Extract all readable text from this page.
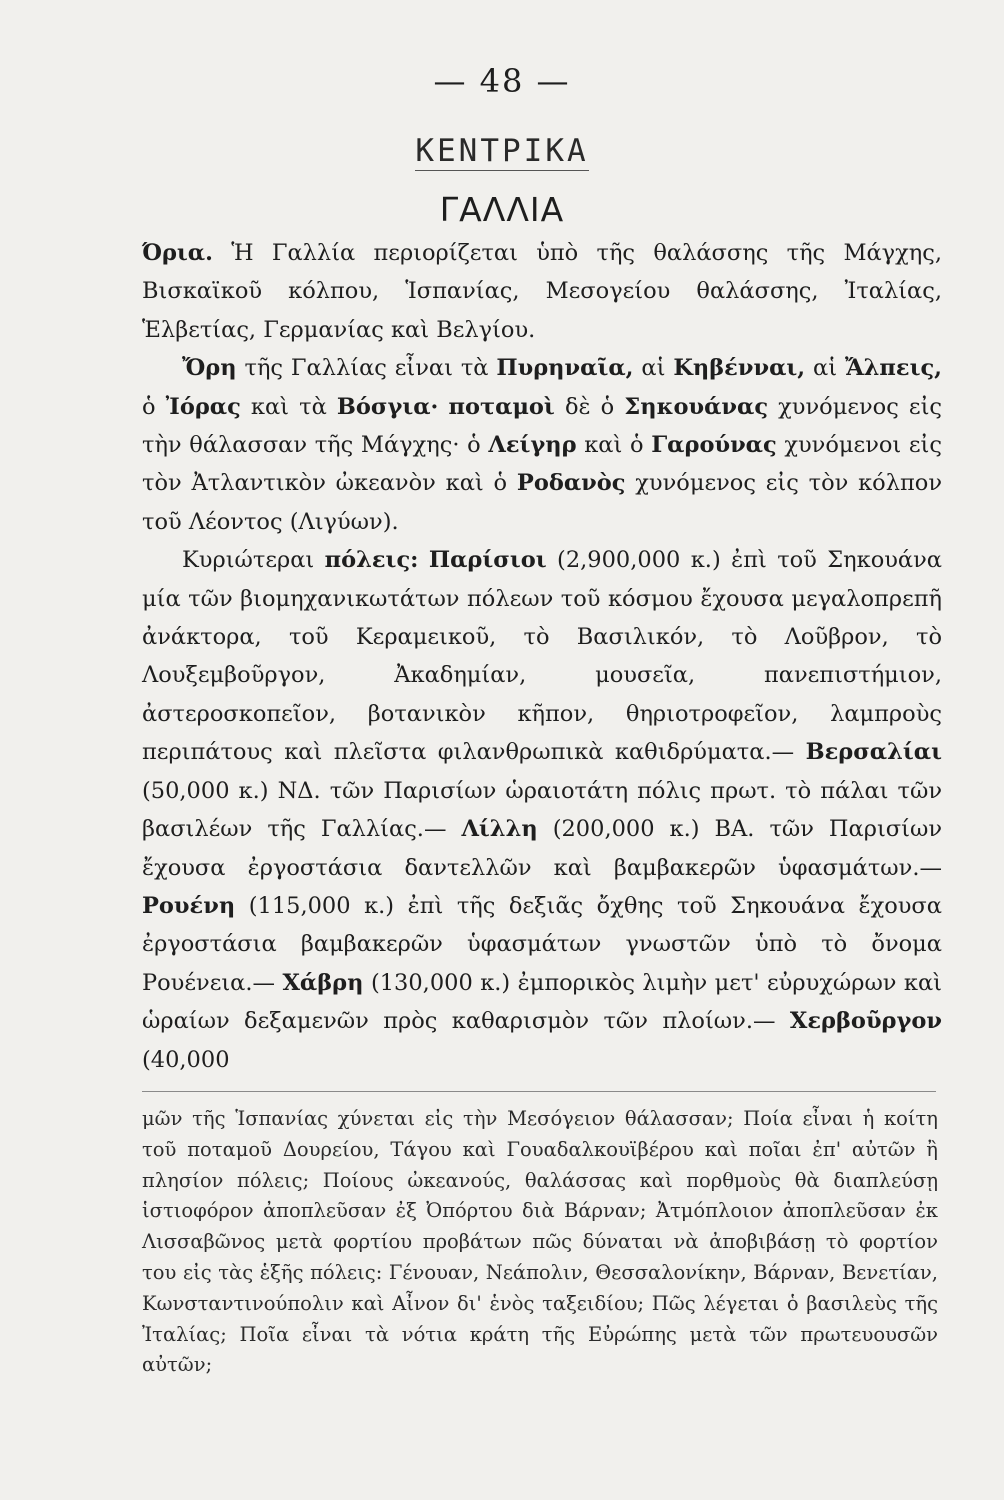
— 48 —
ΚΕΝΤΡΙΚΑ
ΓΑΛΛΙΑ

Όρια. Ἡ Γαλλία περιορίζεται ὑπὸ τῆς θαλάσσης τῆς Μάγχης, Βισκαϊκοῦ κόλπου, Ἱσπανίας, Μεσογείου θαλάσσης, Ἰταλίας, Ἑλβετίας, Γερμανίας καὶ Βελγίου.

Ὄρη τῆς Γαλλίας εἶναι τὰ Πυρηναῖα, αἱ Κηβένναι, αἱ Ἄλπεις, ὁ Ἰόρας καὶ τὰ Βόσγια· ποταμοὶ δὲ ὁ Σηκουάνας χυνόμενος εἰς τὴν θάλασσαν τῆς Μάγχης· ὁ Λείγηρ καὶ ὁ Γαρούνας χυνόμενοι εἰς τὸν Ἀτλαντικὸν ὠκεανὸν καὶ ὁ Ροδανὸς χυνόμενος εἰς τὸν κόλπον τοῦ Λέοντος (Λιγύων).

Κυριώτεραι πόλεις: Παρίσιοι (2,900,000 κ.) ἐπὶ τοῦ Σηκουάνα μία τῶν βιομηχανικωτάτων πόλεων τοῦ κόσμου ἔχουσα μεγαλοπρεπῆ ἀνάκτορα, τοῦ Κεραμεικοῦ, τὸ Βασιλικόν, τὸ Λοῦβρον, τὸ Λουξεμβοῦργον, Ἀκαδημίαν, μουσεῖα, πανεπιστήμιον, ἀστεροσκοπεῖον, βοτανικὸν κῆπον, θηριοτροφεῖον, λαμπροὺς περιπάτους καὶ πλεῖστα φιλανθρωπικὰ καθιδρύματα.— Βερσαλίαι (50,000 κ.) ΝΔ. τῶν Παρισίων ὡραιοτάτη πόλις πρωτ. τὸ πάλαι τῶν βασιλέων τῆς Γαλλίας.— Λίλλη (200,000 κ.) ΒΑ. τῶν Παρισίων ἔχουσα ἐργοστάσια δαντελλῶν καὶ βαμβακερῶν ὑφασμάτων.— Ρουένη (115,000 κ.) ἐπὶ τῆς δεξιᾶς ὄχθης τοῦ Σηκουάνα ἔχουσα ἐργοστάσια βαμβακερῶν ὑφασμάτων γνωστῶν ὑπὸ τὸ ὄνομα Ρουένεια.— Χάβρη (130,000 κ.) ἐμπορικὸς λιμὴν μετ' εὐρυχώρων καὶ ὡραίων δεξαμενῶν πρὸς καθαρισμὸν τῶν πλοίων.— Χερβοῦργον (40,000

μῶν τῆς Ἱσπανίας χύνεται εἰς τὴν Μεσόγειον θάλασσαν; Ποία εἶναι ἡ κοίτη τοῦ ποταμοῦ Δουρείου, Τάγου καὶ Γουαδαλκουϊβέρου καὶ ποῖαι ἐπ' αὐτῶν ἢ πλησίον πόλεις; Ποίους ὠκεανούς, θαλάσσας καὶ πορθμοὺς θὰ διαπλεύσῃ ἱστιοφόρον ἀποπλεῦσαν ἐξ Ὀπόρτου διὰ Βάρναν; Ἀτμόπλοιον ἀποπλεῦσαν ἐκ Λισσαβῶνος μετὰ φορτίου προβάτων πῶς δύναται νὰ ἀποβιβάσῃ τὸ φορτίον του εἰς τὰς ἑξῆς πόλεις: Γένουαν, Νεάπολιν, Θεσσαλονίκην, Βάρναν, Βενετίαν, Κωνσταντινούπολιν καὶ Αἶνον δι' ἑνὸς ταξειδίου; Πῶς λέγεται ὁ βασιλεὺς τῆς Ἰταλίας; Ποῖα εἶναι τὰ νότια κράτη τῆς Εὐρώπης μετὰ τῶν πρωτευουσῶν αὐτῶν;
